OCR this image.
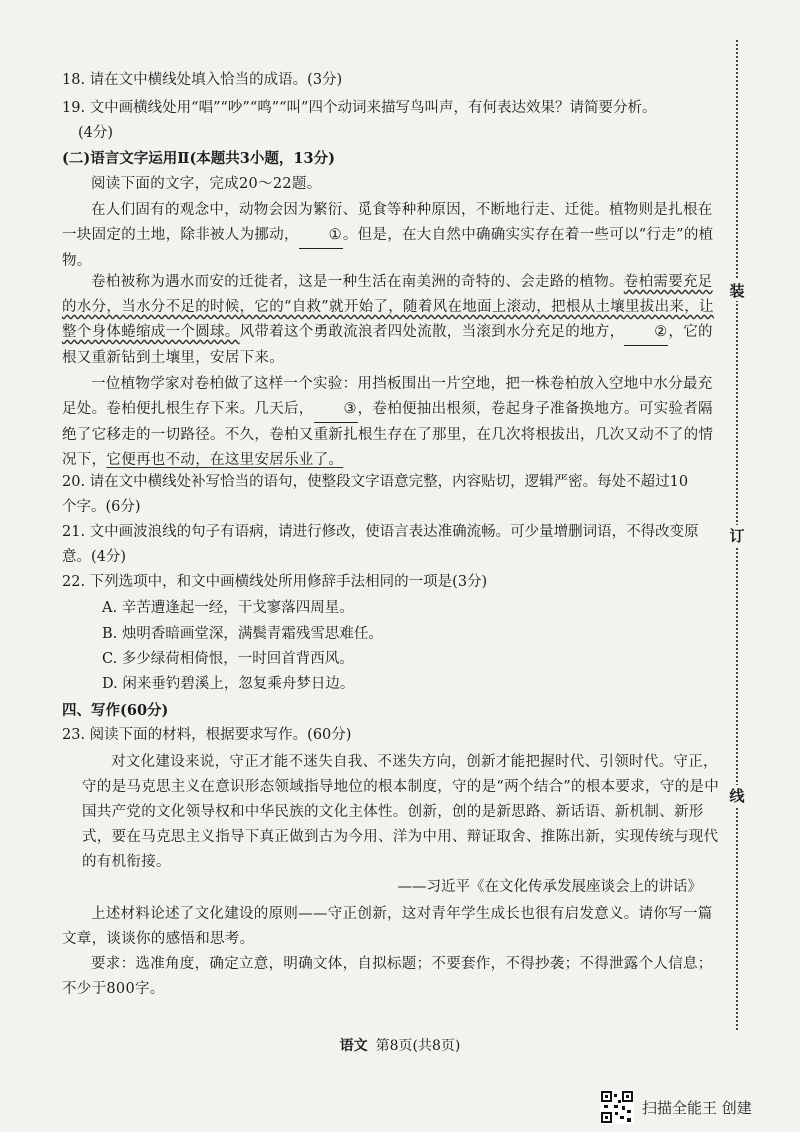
18. 请在文中横线处填入恰当的成语。(3分)

19. 文中画横线处用“唱”“吵”“鸣”“叫”四个动词来描写鸟叫声，有何表达效果？请简要分析。

(4分)

(二)语言文字运用Ⅱ(本题共3小题，13分)

阅读下面的文字，完成20～22题。

在人们固有的观念中，动物会因为繁衍、觅食等种种原因，不断地行走、迁徙。植物则是扎根在一块固定的土地，除非被人为挪动， ①。但是，在大自然中确确实实存在着一些可以“行走”的植物。

卷柏被称为遇水而安的迁徙者，这是一种生活在南美洲的奇特的、会走路的植物。卷柏需要充足的水分，当水分不足的时候，它的“自救”就开始了，随着风在地面上滚动，把根从土壤里拔出来，让整个身体蜷缩成一个圆球。风带着这个勇敢流浪者四处流散，当滚到水分充足的地方， ②，它的根又重新钻到土壤里，安居下来。

一位植物学家对卷柏做了这样一个实验：用挡板围出一片空地，把一株卷柏放入空地中水分最充足处。卷柏便扎根生存下来。几天后， ③，卷柏便抽出根须，卷起身子准备换地方。可实验者隔绝了它移走的一切路径。不久，卷柏又重新扎根生存在了那里，在几次将根拔出，几次又动不了的情况下，它便再也不动，在这里安居乐业了。

20. 请在文中横线处补写恰当的语句，使整段文字语意完整，内容贴切，逻辑严密。每处不超过10个字。(6分)

21. 文中画波浪线的句子有语病，请进行修改，使语言表达准确流畅。可少量增删词语，不得改变原意。(4分)

22. 下列选项中，和文中画横线处所用修辞手法相同的一项是(3分)

A. 辛苦遭逢起一经，干戈寥落四周星。

B. 烛明香暗画堂深，满鬓青霜残雪思难任。

C. 多少绿荷相倚恨，一时回首背西风。

D. 闲来垂钓碧溪上，忽复乘舟梦日边。

四、写作(60分)

23. 阅读下面的材料，根据要求写作。(60分)

对文化建设来说，守正才能不迷失自我、不迷失方向，创新才能把握时代、引领时代。守正，守的是马克思主义在意识形态领域指导地位的根本制度，守的是“两个结合”的根本要求，守的是中国共产党的文化领导权和中华民族的文化主体性。创新，创的是新思路、新话语、新机制、新形式，要在马克思主义指导下真正做到古为今用、洋为中用、辩证取舍、推陈出新，实现传统与现代的有机衔接。

——习近平《在文化传承发展座谈会上的讲话》

上述材料论述了文化建设的原则——守正创新，这对青年学生成长也很有启发意义。请你写一篇文章，谈谈你的感悟和思考。

要求：选准角度，确定立意，明确文体，自拟标题；不要套作，不得抄袭；不得泄露个人信息；不少于800字。

装
订
线
语文 第8页(共8页)
扫描全能王 创建
